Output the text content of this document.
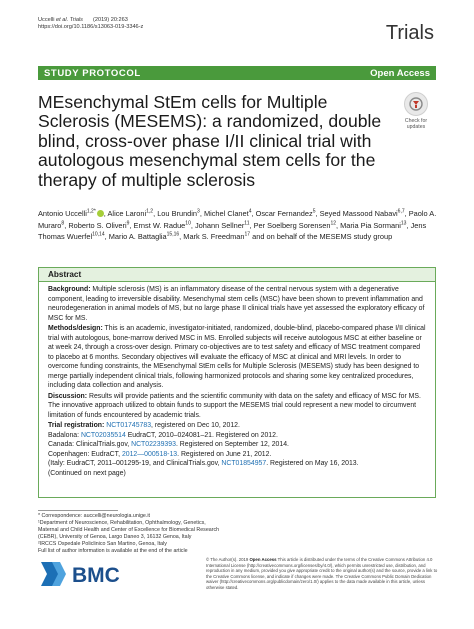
Uccelli et al. Trials (2019) 20:263
https://doi.org/10.1186/s13063-019-3346-z	Trials
STUDY PROTOCOL	Open Access
MEsenchymal StEm cells for Multiple Sclerosis (MESEMS): a randomized, double blind, cross-over phase I/II clinical trial with autologous mesenchymal stem cells for the therapy of multiple sclerosis
Check for
updates
Antonio Uccelli$^{1,2*}$ , Alice Laroni$^{1,2}$, Lou Brundin$^3$, Michel Clanet$^4$, Oscar Fernandez$^5$, Seyed Massood Nabavi$^{6,7}$, Paolo A. Muraro$^8$, Roberto S. Oliveri$^9$, Ernst W. Radue$^{10}$, Johann Sellner$^{11}$, Per Soelberg Sorensen$^{12}$, Maria Pia Sormani$^{13}$, Jens Thomas Wuerfel$^{10,14}$, Mario A. Battaglia$^{15,16}$, Mark S. Freedman$^{17}$ and on behalf of the MESEMS study group
Abstract

Background: Multiple sclerosis (MS) is an inflammatory disease of the central nervous system with a degenerative component, leading to irreversible disability. Mesenchymal stem cells (MSC) have been shown to prevent inflammation and neurodegeneration in animal models of MS, but no large phase II clinical trials have yet assessed the exploratory efficacy of MSC for MS.

Methods/design: This is an academic, investigator-initiated, randomized, double-blind, placebo-compared phase I/II clinical trial with autologous, bone-marrow derived MSC in MS. Enrolled subjects will receive autologous MSC at either baseline or at week 24, through a cross-over design. Primary co-objectives are to test safety and efficacy of MSC treatment compared to placebo at 6 months. Secondary objectives will evaluate the efficacy of MSC at clinical and MRI levels. In order to overcome funding constraints, the MEsenchymal StEm cells for Multiple Sclerosis (MESEMS) study has been designed to merge partially independent clinical trials, following harmonized protocols and sharing some key centralized procedures, including data collection and analysis.

Discussion: Results will provide patients and the scientific community with data on the safety and efficacy of MSC for MS. The innovative approach utilized to obtain funds to support the MESEMS trial could represent a new model to circumvent limitation of funds encountered by academic trials.

Trial registration: NCT01745783, registered on Dec 10, 2012.
Badalona: NCT02035514 EudraCT, 2010–024081–21. Registered on 2012.
Canada: ClinicalTrials.gov, NCT02239393. Registered on September 12, 2014.
Copenhagen: EudraCT, 2012—000518-13. Registered on June 21, 2012.
(Italy: EudraCT, 2011–001295-19, and ClinicalTrials.gov, NCT01854957. Registered on May 16, 2013.
(Continued on next page)
* Correspondence: auccelli@neurologia.unige.it
¹Department of Neuroscience, Rehabilitation, Ophthalmology, Genetics,
Maternal and Child Health and Center of Excellence for Biomedical Research
(CEBR), University of Genoa, Largo Daneo 3, 16132 Genoa, Italy
²IRCCS Ospedale Policlinico San Martino, Genoa, Italy
Full list of author information is available at the end of the article
BMC
© The Author(s). 2019 Open Access This article is distributed under the terms of the Creative Commons Attribution 4.0 International License (http://creativecommons.org/licenses/by/4.0/), which permits unrestricted use, distribution, and reproduction in any medium, provided you give appropriate credit to the original author(s) and the source, provide a link to the Creative Commons license, and indicate if changes were made. The Creative Commons Public Domain Dedication waiver (http://creativecommons.org/publicdomain/zero/1.0/) applies to the data made available in this article, unless otherwise stated.
